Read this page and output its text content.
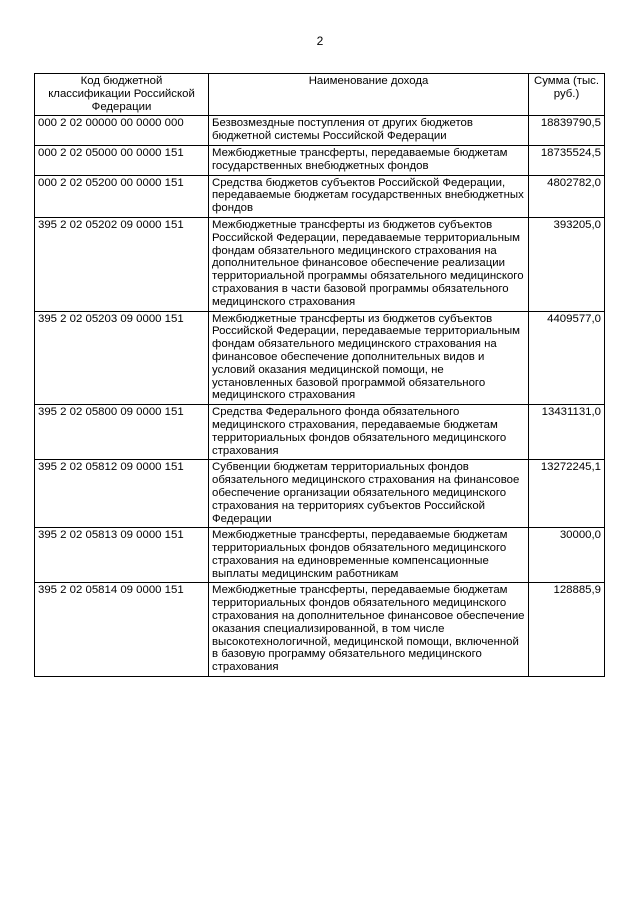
2
Код бюджетной классификации Российской Федерации	Наименование дохода	Сумма (тыс. руб.)
000 2 02 00000 00 0000 000	Безвозмездные поступления от других бюджетов бюджетной системы Российской Федерации	18839790,5
000 2 02 05000 00 0000 151	Межбюджетные трансферты, передаваемые бюджетам государственных внебюджетных фондов	18735524,5
000 2 02 05200 00 0000 151	Средства бюджетов субъектов Российской Федерации, передаваемые бюджетам государственных внебюджетных фондов	4802782,0
395 2 02 05202 09 0000 151	Межбюджетные трансферты из бюджетов субъектов Российской Федерации, передаваемые территориальным фондам обязательного медицинского страхования на дополнительное финансовое обеспечение реализации территориальной программы обязательного медицинского страхования в части базовой программы обязательного медицинского страхования	393205,0
395 2 02 05203 09 0000 151	Межбюджетные трансферты из бюджетов субъектов Российской Федерации, передаваемые территориальным фондам обязательного медицинского страхования на финансовое обеспечение дополнительных видов и условий оказания медицинской помощи, не установленных базовой программой обязательного медицинского страхования	4409577,0
395 2 02 05800 09 0000 151	Средства Федерального фонда обязательного медицинского страхования, передаваемые бюджетам территориальных фондов обязательного медицинского страхования	13431131,0
395 2 02 05812 09 0000 151	Субвенции бюджетам территориальных фондов обязательного медицинского страхования на финансовое обеспечение организации обязательного медицинского страхования на территориях субъектов Российской Федерации	13272245,1
395 2 02 05813 09 0000 151	Межбюджетные трансферты, передаваемые бюджетам территориальных фондов обязательного медицинского страхования на единовременные компенсационные выплаты медицинским работникам	30000,0
395 2 02 05814 09 0000 151	Межбюджетные трансферты, передаваемые бюджетам территориальных фондов обязательного медицинского страхования на дополнительное финансовое обеспечение оказания специализированной, в том числе высокотехнологичной, медицинской помощи, включенной в базовую программу обязательного медицинского страхования	128885,9
